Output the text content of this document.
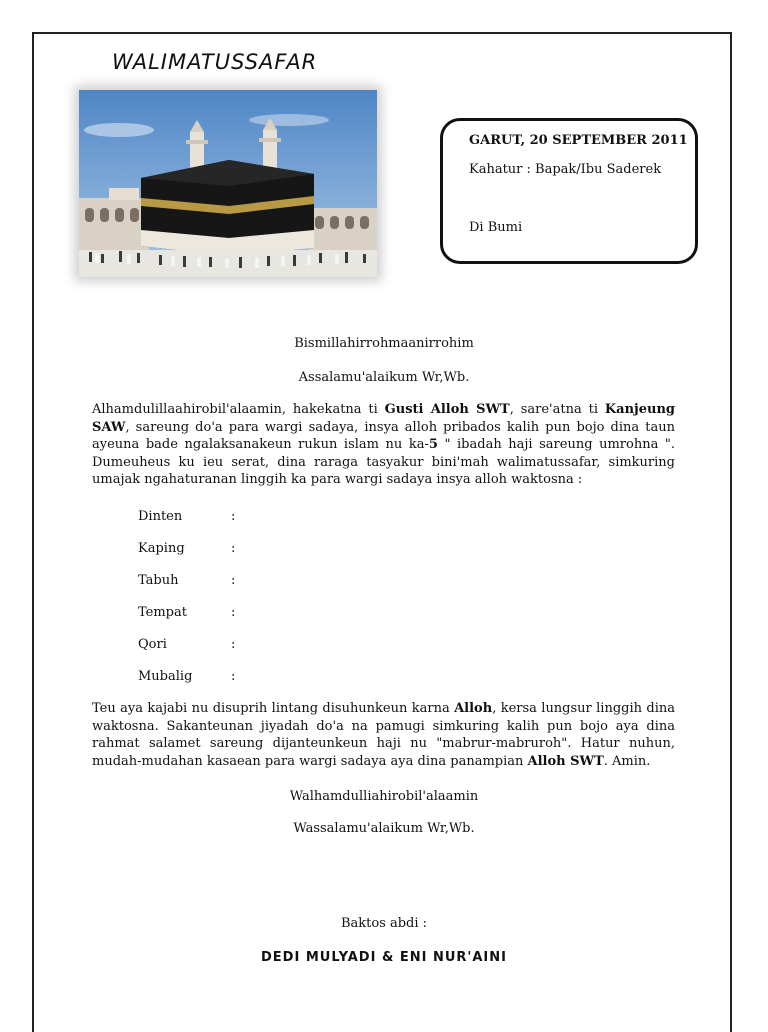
WALIMATUSSAFAR
GARUT, 20 SEPTEMBER 2011
Kahatur : Bapak/Ibu Saderek
Di Bumi
Bismillahirrohmaanirrohim
Assalamu'alaikum Wr,Wb.
Alhamdulillaahirobil'alaamin, hakekatna ti Gusti Alloh SWT, sare'atna ti Kanjeung SAW, sareung do'a para wargi sadaya, insya alloh pribados kalih pun bojo dina taun ayeuna bade ngalaksanakeun rukun islam nu ka-5 " ibadah haji sareung umrohna ". Dumeuheus ku ieu serat, dina raraga tasyakur bini'mah walimatussafar, simkuring umajak ngahaturanan linggih ka para wargi sadaya insya alloh waktosna :
Dinten	:
Kaping	:
Tabuh	:
Tempat	:
Qori	:
Mubalig	:
Teu aya kajabi nu disuprih lintang disuhunkeun karna Alloh, kersa lungsur linggih dina waktosna. Sakanteunan jiyadah do'a na pamugi simkuring kalih pun bojo aya dina rahmat salamet sareung dijanteunkeun haji nu "mabrur-mabruroh". Hatur nuhun, mudah-mudahan kasaean para wargi sadaya aya dina panampian Alloh SWT. Amin.
Walhamdulliahirobil'alaamin
Wassalamu'alaikum Wr,Wb.
Baktos abdi :
DEDI MULYADI & ENI NUR'AINI
